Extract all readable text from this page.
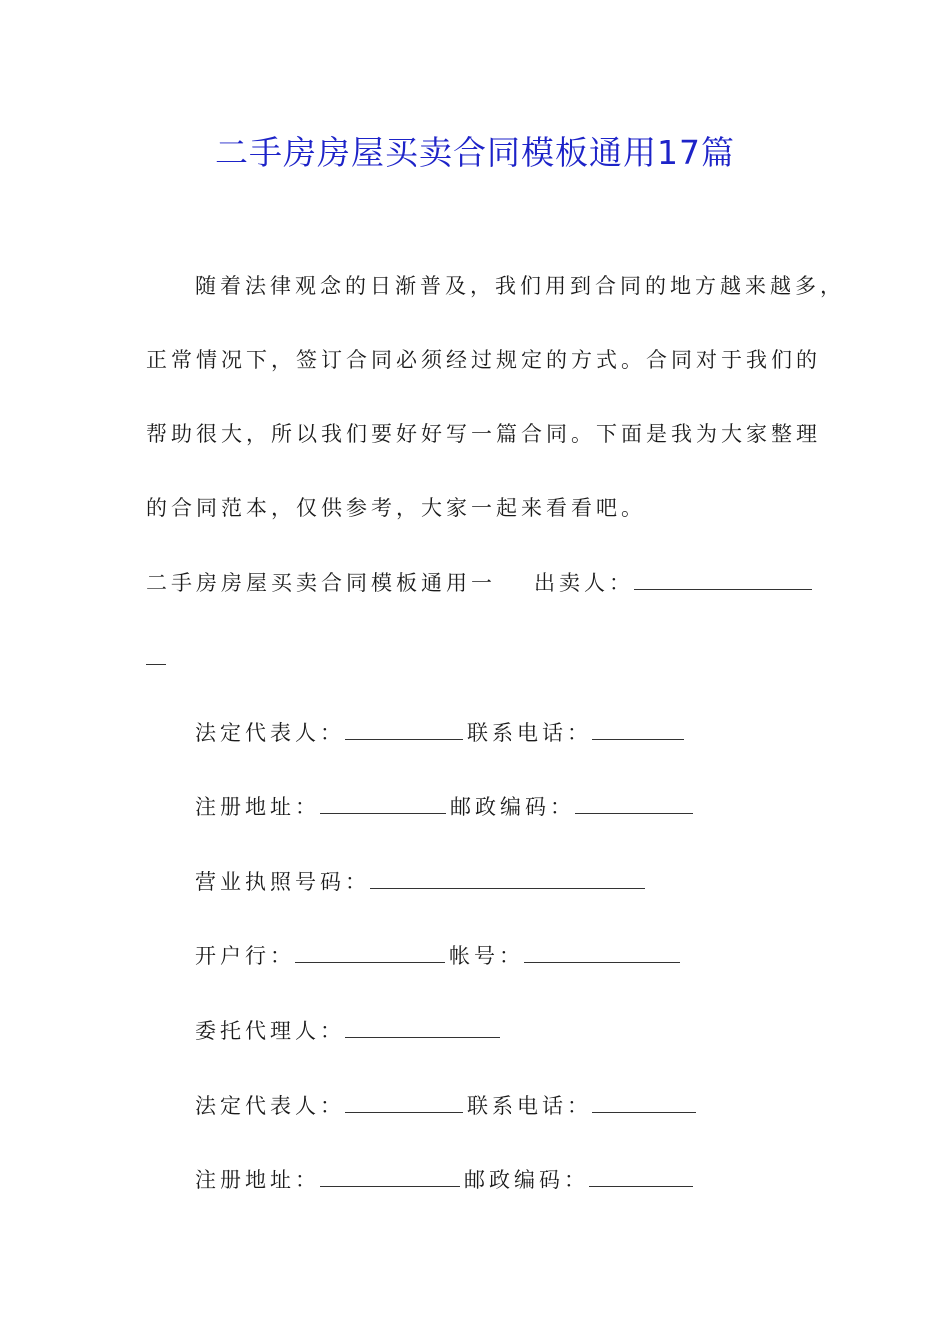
二手房房屋买卖合同模板通用17篇
随着法律观念的日渐普及，我们用到合同的地方越来越多，
正常情况下，签订合同必须经过规定的方式。合同对于我们的
帮助很大，所以我们要好好写一篇合同。下面是我为大家整理
的合同范本，仅供参考，大家一起来看看吧。
二手房房屋买卖合同模板通用一 出卖人：
法定代表人：	联系电话：
注册地址：	邮政编码：
营业执照号码：
开户行：	帐号：
委托代理人：
法定代表人：	联系电话：
注册地址：	邮政编码：
